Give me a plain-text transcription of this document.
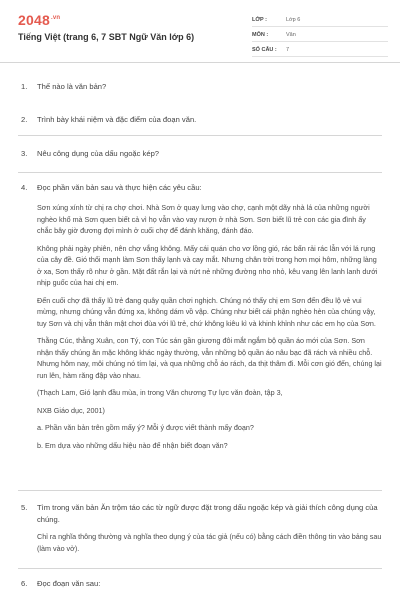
$2048^{.vn}$
Tiếng Việt (trang 6, 7 SBT Ngữ Văn lớp 6)
LỚP :	Lớp 6
MÔN :	Văn
SỐ CÂU :	7
1. Thế nào là văn bản?
2. Trình bày khái niệm và đặc điểm của đoạn văn.
3. Nêu công dụng của dấu ngoặc kép?
4. Đọc phần văn bản sau và thực hiện các yêu cầu:

Sơn xúng xính từ chị ra chợ chơi. Nhà Sơn ở quay lưng vào chợ, cạnh một dãy nhà lá của những người nghèo khổ mà Sơn quen biết cả vì họ vẫn vào vay nượn ở nhà Sơn. Sơn biết lũ trẻ con các gia đình ấy chắc bây giờ đương đợi mình ở cuối chợ để đánh khăng, đánh đáo.

Không phải ngày phiên, nên chợ vắng không. Mấy cái quán cho vơ lồng gió, rác bẩn rải rác lẫn với lá rụng của cây đề. Gió thổi mạnh làm Sơn thấy lạnh và cay mắt. Nhưng chân trời trong hơn mọi hôm, những làng ở xa, Sơn thấy rõ như ở gần. Mặt đất rắn lại và nứt nẻ những đường nho nhỏ, kêu vang lên lanh lanh dưới nhịp guốc của hai chị em.

Đến cuối chợ đã thấy lũ trẻ đang quây quần chơi nghịch. Chúng nó thấy chị em Sơn đến đều lộ vẻ vui mừng, nhưng chúng vẫn đứng xa, không dám vồ vập. Chúng như biết cái phận nghèo hèn của chúng vậy, tuy Sơn và chị vẫn thân mật chơi đùa với lũ trẻ, chứ không kiêu kì và khinh khỉnh như các em họ của Sơn.

Thằng Cúc, thằng Xuân, con Tý, con Túc sán gần giương đôi mắt ngắm bộ quần áo mới của Sơn. Sơn nhận thấy chúng ăn mặc không khác ngày thường, vẫn những bộ quần áo nâu bạc đã rách và nhiều chỗ. Nhưng hôm nay, môi chúng nó tím lại, và qua những chỗ áo rách, da thịt thâm đi. Mỗi cơn gió đến, chúng lại run lên, hàm răng đập vào nhau.

(Thạch Lam, Gió lạnh đầu mùa, in trong Văn chương Tự lực văn đoàn, tập 3,

NXB Giáo dục, 2001)

a. Phần văn bản trên gồm mấy ý? Mỗi ý được viết thành mấy đoạn?

b. Em dựa vào những dấu hiệu nào để nhận biết đoạn văn?

5. Tìm trong văn bản Ăn trộm táo các từ ngữ được đặt trong dấu ngoặc kép và giải thích công dụng của chúng.

Chỉ ra nghĩa thông thường và nghĩa theo dụng ý của tác giả (nếu có) bằng cách điền thông tin vào bảng sau (làm vào vở).

6. Đọc đoạn văn sau:
